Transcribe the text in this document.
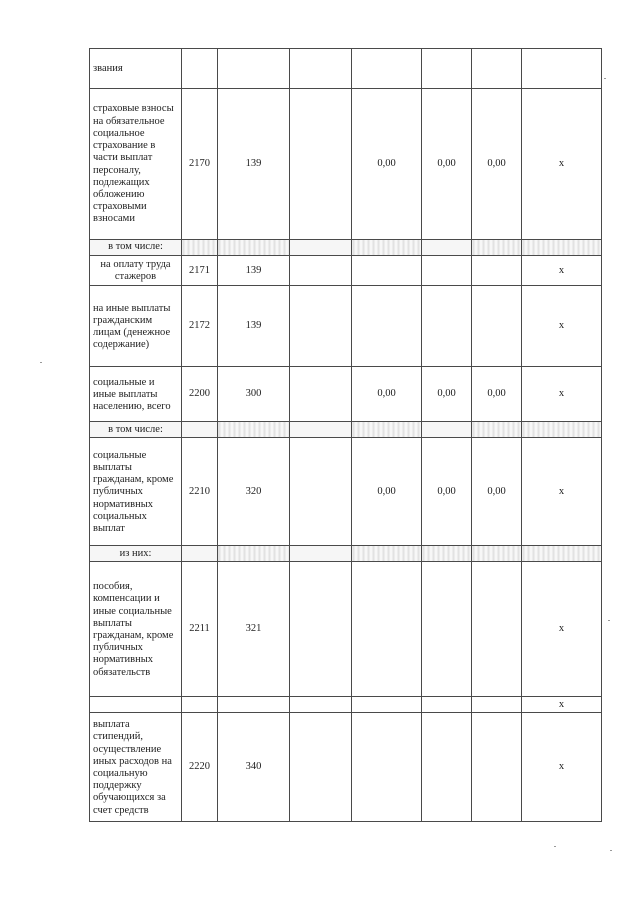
звания							
страховые взносы на обязательное социальное страхование в части выплат персоналу, подлежащих обложению страховыми взносами	2170	139		0,00	0,00	0,00	х
в том числе:							
на оплату труда стажеров	2171	139					х
на иные выплаты гражданским лицам (денежное содержание)	2172	139					х
социальные и иные выплаты населению, всего	2200	300		0,00	0,00	0,00	х
в том числе:							
социальные выплаты гражданам, кроме публичных нормативных социальных выплат	2210	320		0,00	0,00	0,00	х
из них:							
пособия, компенсации и иные социальные выплаты гражданам, кроме публичных нормативных обязательств	2211	321					х
							х
выплата стипендий, осуществление иных расходов на социальную поддержку обучающихся за счет средств	2220	340					х
